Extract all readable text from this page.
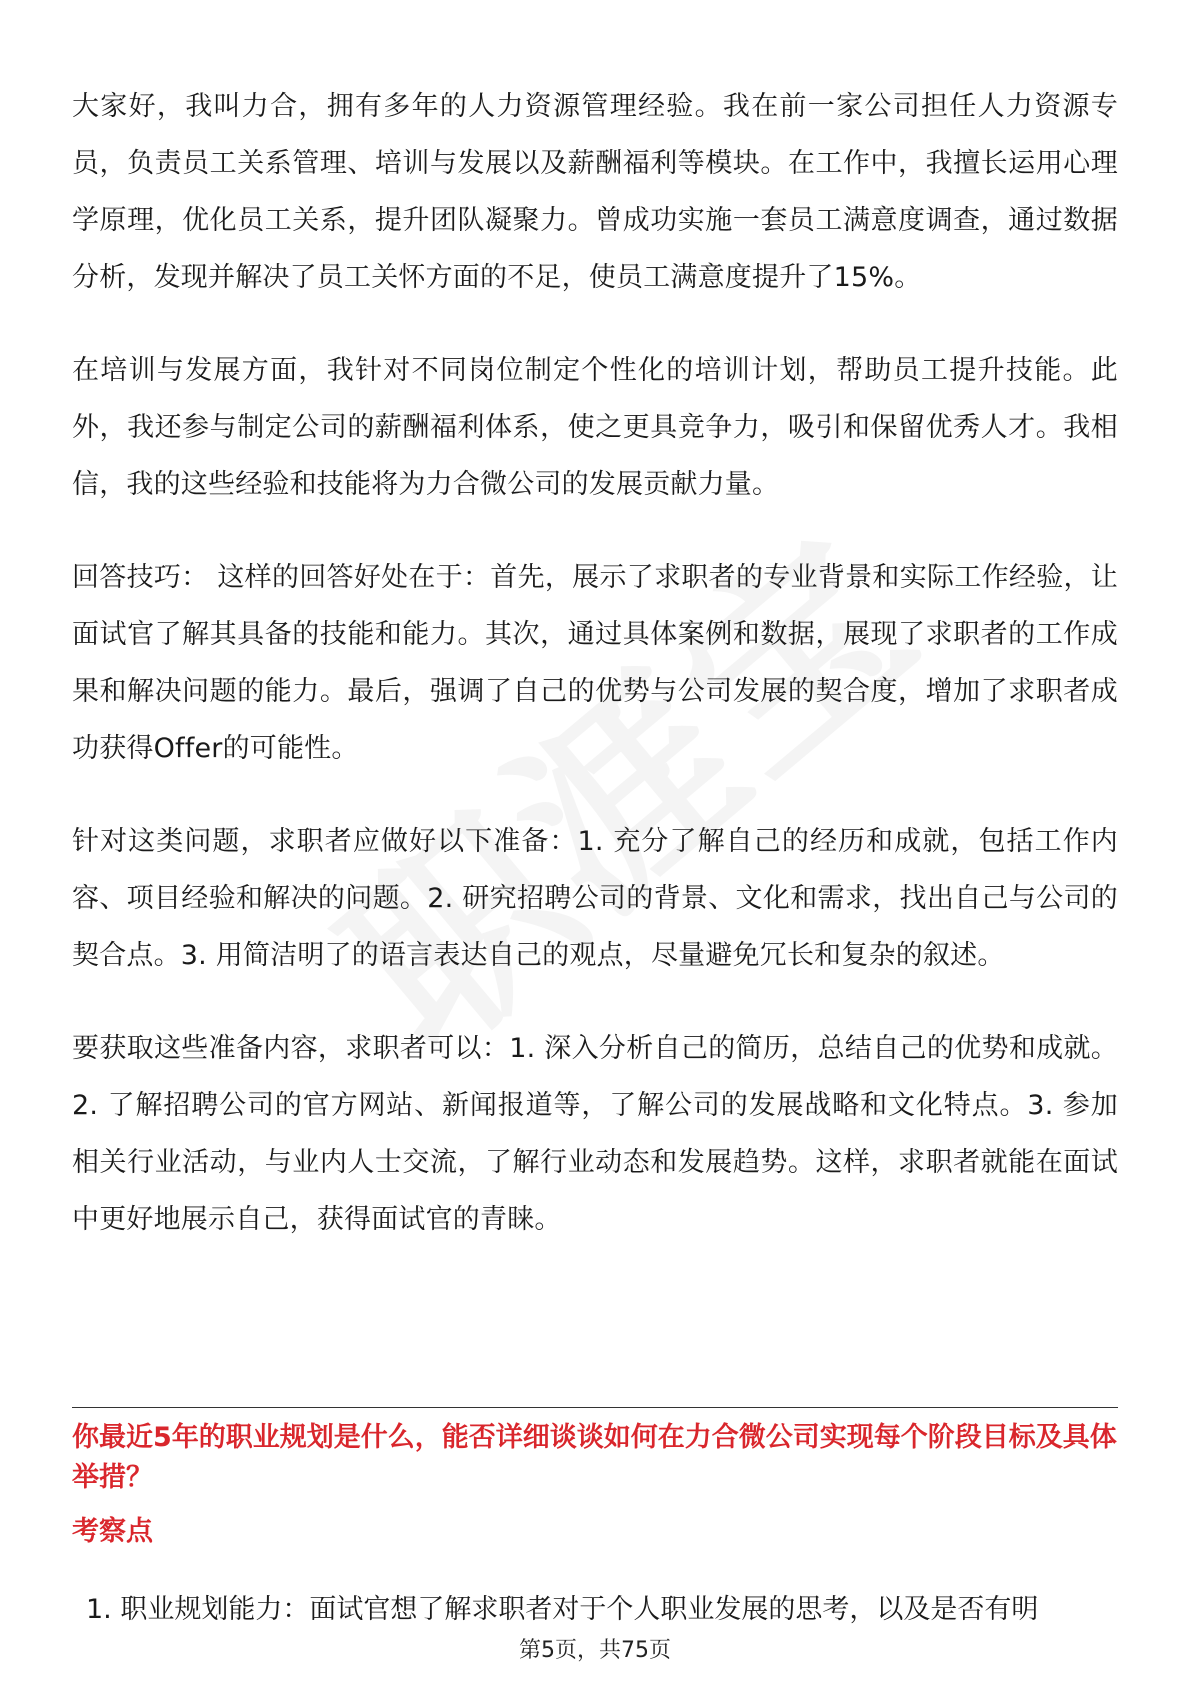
大家好，我叫力合，拥有多年的人力资源管理经验。我在前一家公司担任人力资源专员，负责员工关系管理、培训与发展以及薪酬福利等模块。在工作中，我擅长运用心理学原理，优化员工关系，提升团队凝聚力。曾成功实施一套员工满意度调查，通过数据分析，发现并解决了员工关怀方面的不足，使员工满意度提升了15%。

在培训与发展方面，我针对不同岗位制定个性化的培训计划，帮助员工提升技能。此外，我还参与制定公司的薪酬福利体系，使之更具竞争力，吸引和保留优秀人才。我相信，我的这些经验和技能将为力合微公司的发展贡献力量。

回答技巧： 这样的回答好处在于：首先，展示了求职者的专业背景和实际工作经验，让面试官了解其具备的技能和能力。其次，通过具体案例和数据，展现了求职者的工作成果和解决问题的能力。最后，强调了自己的优势与公司发展的契合度，增加了求职者成功获得Offer的可能性。

针对这类问题，求职者应做好以下准备：1. 充分了解自己的经历和成就，包括工作内容、项目经验和解决的问题。2. 研究招聘公司的背景、文化和需求，找出自己与公司的契合点。3. 用简洁明了的语言表达自己的观点，尽量避免冗长和复杂的叙述。

要获取这些准备内容，求职者可以：1. 深入分析自己的简历，总结自己的优势和成就。2. 了解招聘公司的官方网站、新闻报道等，了解公司的发展战略和文化特点。3. 参加相关行业活动，与业内人士交流，了解行业动态和发展趋势。这样，求职者就能在面试中更好地展示自己，获得面试官的青睐。

你最近5年的职业规划是什么，能否详细谈谈如何在力合微公司实现每个阶段目标及具体举措？
考察点

1. 职业规划能力：面试官想了解求职者对于个人职业发展的思考，以及是否有明

第5页，共75页
